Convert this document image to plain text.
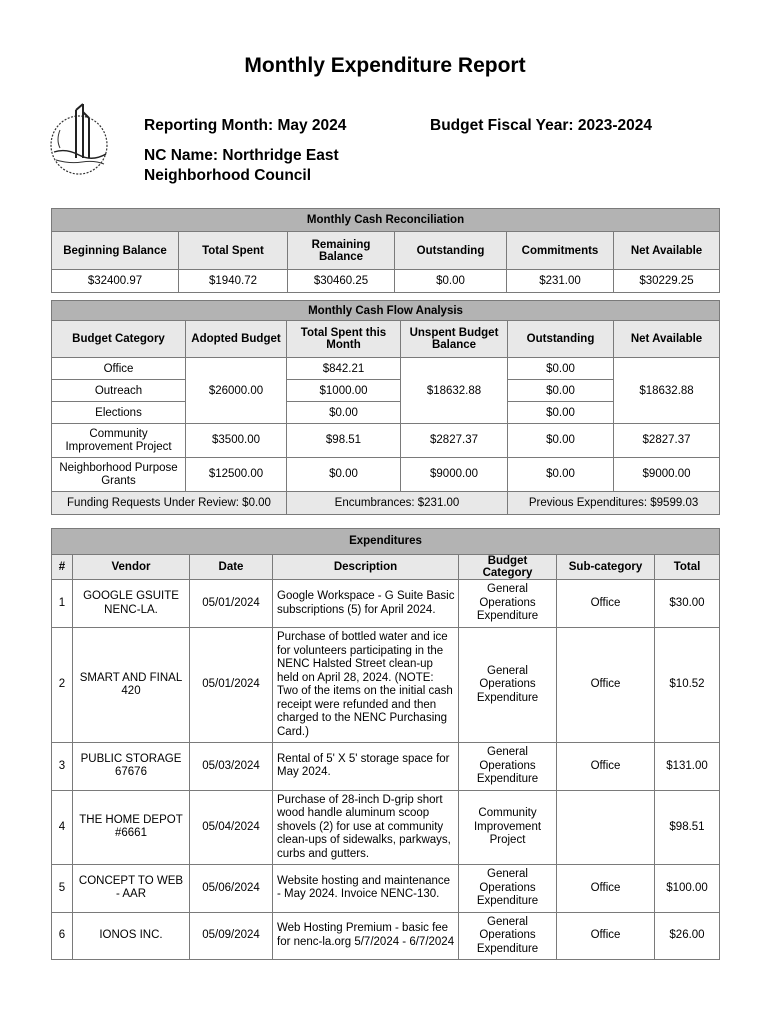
Monthly Expenditure Report
Reporting Month: May 2024	Budget Fiscal Year: 2023-2024
NC Name: Northridge East
Neighborhood Council
Monthly Cash Reconciliation					
Beginning Balance	Total Spent	Remaining Balance	Outstanding	Commitments	Net Available
$32400.97	$1940.72	$30460.25	$0.00	$231.00	$30229.25
Monthly Cash Flow Analysis					
Budget Category	Adopted Budget	Total Spent this Month	Unspent Budget Balance	Outstanding	Net Available
Office	$26000.00	$842.21	$18632.88	$0.00	$18632.88
Outreach		$1000.00		$0.00	
Elections		$0.00		$0.00	
Community Improvement Project	$3500.00	$98.51	$2827.37	$0.00	$2827.37
Neighborhood Purpose Grants	$12500.00	$0.00	$9000.00	$0.00	$9000.00
Funding Requests Under Review: $0.00		Encumbrances: $231.00		Previous Expenditures: $9599.03	
Expenditures						
#	Vendor	Date	Description	Budget Category	Sub-category	Total
1	GOOGLE GSUITE NENC-LA.	05/01/2024	Google Workspace - G Suite Basic subscriptions (5) for April 2024.	General Operations Expenditure	Office	$30.00
2	SMART AND FINAL 420	05/01/2024	Purchase of bottled water and ice for volunteers participating in the NENC Halsted Street clean-up held on April 28, 2024. (NOTE: Two of the items on the initial cash receipt were refunded and then charged to the NENC Purchasing Card.)	General Operations Expenditure	Office	$10.52
3	PUBLIC STORAGE 67676	05/03/2024	Rental of 5' X 5' storage space for May 2024.	General Operations Expenditure	Office	$131.00
4	THE HOME DEPOT #6661	05/04/2024	Purchase of 28-inch D-grip short wood handle aluminum scoop shovels (2) for use at community clean-ups of sidewalks, parkways, curbs and gutters.	Community Improvement Project		$98.51
5	CONCEPT TO WEB - AAR	05/06/2024	Website hosting and maintenance - May 2024. Invoice NENC-130.	General Operations Expenditure	Office	$100.00
6	IONOS INC.	05/09/2024	Web Hosting Premium - basic fee for nenc-la.org 5/7/2024 - 6/7/2024	General Operations Expenditure	Office	$26.00
